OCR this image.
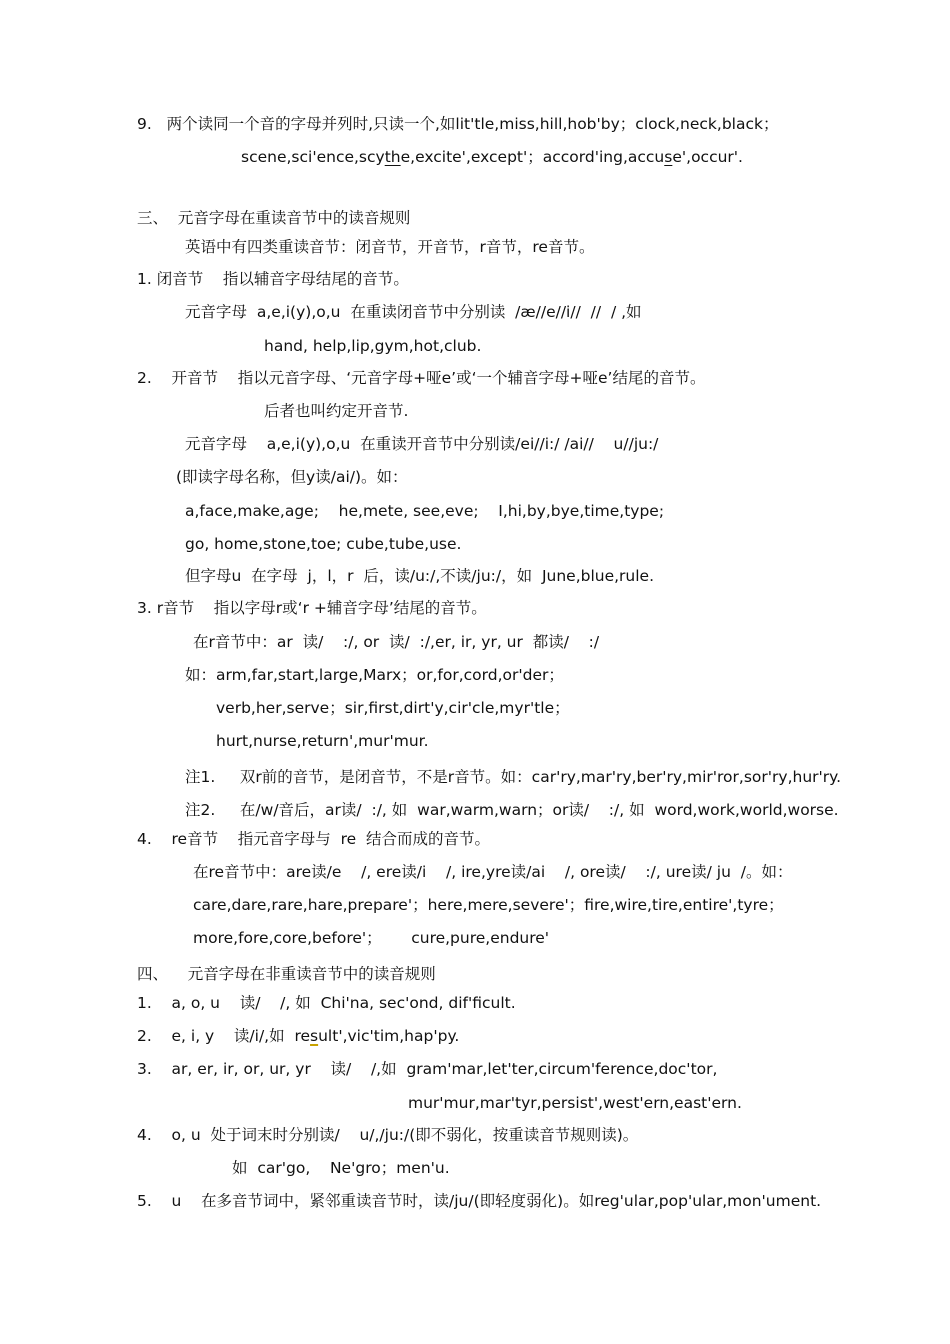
9.   两个读同一个音的字母并列时,只读一个,如lit'tle,miss,hill,hob'by；clock,neck,black；
scene,sci'ence,scythe,excite',except'；accord'ing,accuse',occur'.
三、  元音字母在重读音节中的读音规则
英语中有四类重读音节：闭音节，开音节，r音节，re音节。
1. 闭音节    指以辅音字母结尾的音节。
元音字母  a,e,i(y),o,u  在重读闭音节中分别读  /æ//e//i//  //  / ,如
hand, help,lip,gym,hot,club.
2.    开音节    指以元音字母、‘元音字母+哑e’或‘一个辅音字母+哑e’结尾的音节。
后者也叫约定开音节.
元音字母    a,e,i(y),o,u  在重读开音节中分别读/ei//i:/ /ai//    u//ju:/
(即读字母名称，但y读/ai/)。如：
a,face,make,age;    he,mete, see,eve;    I,hi,by,bye,time,type;
go, home,stone,toe; cube,tube,use.
但字母u  在字母  j，l，r  后，读/u:/,不读/ju:/，如  June,blue,rule.
3. r音节    指以字母r或‘r +辅音字母’结尾的音节。
在r音节中：ar  读/    :/, or  读/  :/,er, ir, yr, ur  都读/    :/
如：arm,far,start,large,Marx；or,for,cord,or'der；
verb,her,serve；sir,first,dirt'y,cir'cle,myr'tle；
hurt,nurse,return',mur'mur.
注1.     双r前的音节，是闭音节，不是r音节。如：car'ry,mar'ry,ber'ry,mir'ror,sor'ry,hur'ry.
注2.     在/w/音后，ar读/  :/, 如  war,warm,warn；or读/    :/, 如  word,work,world,worse.
4.    re音节    指元音字母与  re  结合而成的音节。
在re音节中：are读/e    /, ere读/i    /, ire,yre读/ai    /, ore读/    :/, ure读/ ju  /。如：
care,dare,rare,hare,prepare'；here,mere,severe'；fire,wire,tire,entire',tyre；
more,fore,core,before'；      cure,pure,endure'
四、    元音字母在非重读音节中的读音规则
1.    a, o, u    读/    /, 如  Chi'na, sec'ond, dif'ficult.
2.    e, i, y    读/i/,如  result',vic'tim,hap'py.
3.    ar, er, ir, or, ur, yr    读/    /,如  gram'mar,let'ter,circum'ference,doc'tor,
mur'mur,mar'tyr,persist',west'ern,east'ern.
4.    o, u  处于词末时分别读/    u/,/ju:/(即不弱化，按重读音节规则读)。
如  car'go,    Ne'gro；men'u.
5.    u    在多音节词中，紧邻重读音节时，读/ju/(即轻度弱化)。如reg'ular,pop'ular,mon'ument.
